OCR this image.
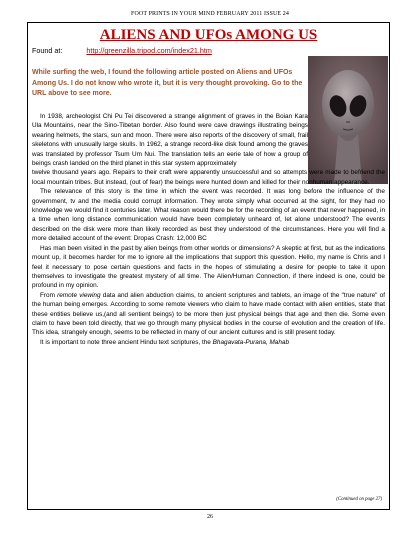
FOOT PRINTS IN YOUR MIND FEBRUARY 2011 ISSUE 24
ALIENS AND UFOs AMONG US
Found at:	http://greenzilla.tripod.com/index21.htm
While surfing the web, I found the following article posted on Aliens and UFOs Among Us. I do not know who wrote it, but it is very thought provoking. Go to the URL above to see more.

In 1938, archeologist Chi Pu Tei discovered a strange alignment of graves in the Boian Kara Ula Mountains, near the Sino-Tibetan border. Also found were cave drawings illustrating beings wearing helmets, the stars, sun and moon. There were also reports of the discovery of small, frail skeletons with unusually large skulls. In 1962, a strange record-like disk found among the graves was translated by professor Tsum Um Nui. The translation tells an eerie tale of how a group of beings crash landed on the third planet in this star system approximately

twelve thousand years ago. Repairs to their craft were apparently unsuccessful and so attempts were made to befriend the local mountain tribes. But instead, (out of fear) the beings were hunted down and killed for their nonhuman appearance.

The relevance of this story is the time in which the event was recorded. It was long before the influence of the government, tv and the media could corrupt information. They wrote simply what occurred at the sight, for they had no knowledge we would find it centuries later. What reason would there be for the recording of an event that never happened, in a time when long distance communication would have been completely unheard of, let alone understood? The events described on the disk were more than likely recorded as best they understood of the circumstances. Here you will find a more detailed account of the event: Dropas Crash: 12,000 BC

Has man been visited in the past by alien beings from other worlds or dimensions? A skeptic at first, but as the indications mount up, it becomes harder for me to ignore all the implications that support this question. Hello, my name is Chris and I feel it necessary to pose certain questions and facts in the hopes of stimulating a desire for people to take it upon themselves to investigate the greatest mystery of all time. The Alien/Human Connection, if there indeed is one, could be profound in my opinion.

From remote viewing data and alien abduction claims, to ancient scriptures and tablets, an image of the "true nature" of the human being emerges. According to some remote viewers who claim to have made contact with alien entities, state that these entities believe us,(and all sentient beings) to be more then just physical beings that age and then die. Some even claim to have been told directly, that we go through many physical bodies in the course of evolution and the creation of life. This idea, strangely enough, seems to be reflected in many of our ancient cultures and is still present today.

It is important to note three ancient Hindu text scriptures, the Bhagavata-Purana, Mahab

(Continued on page 27)
26
